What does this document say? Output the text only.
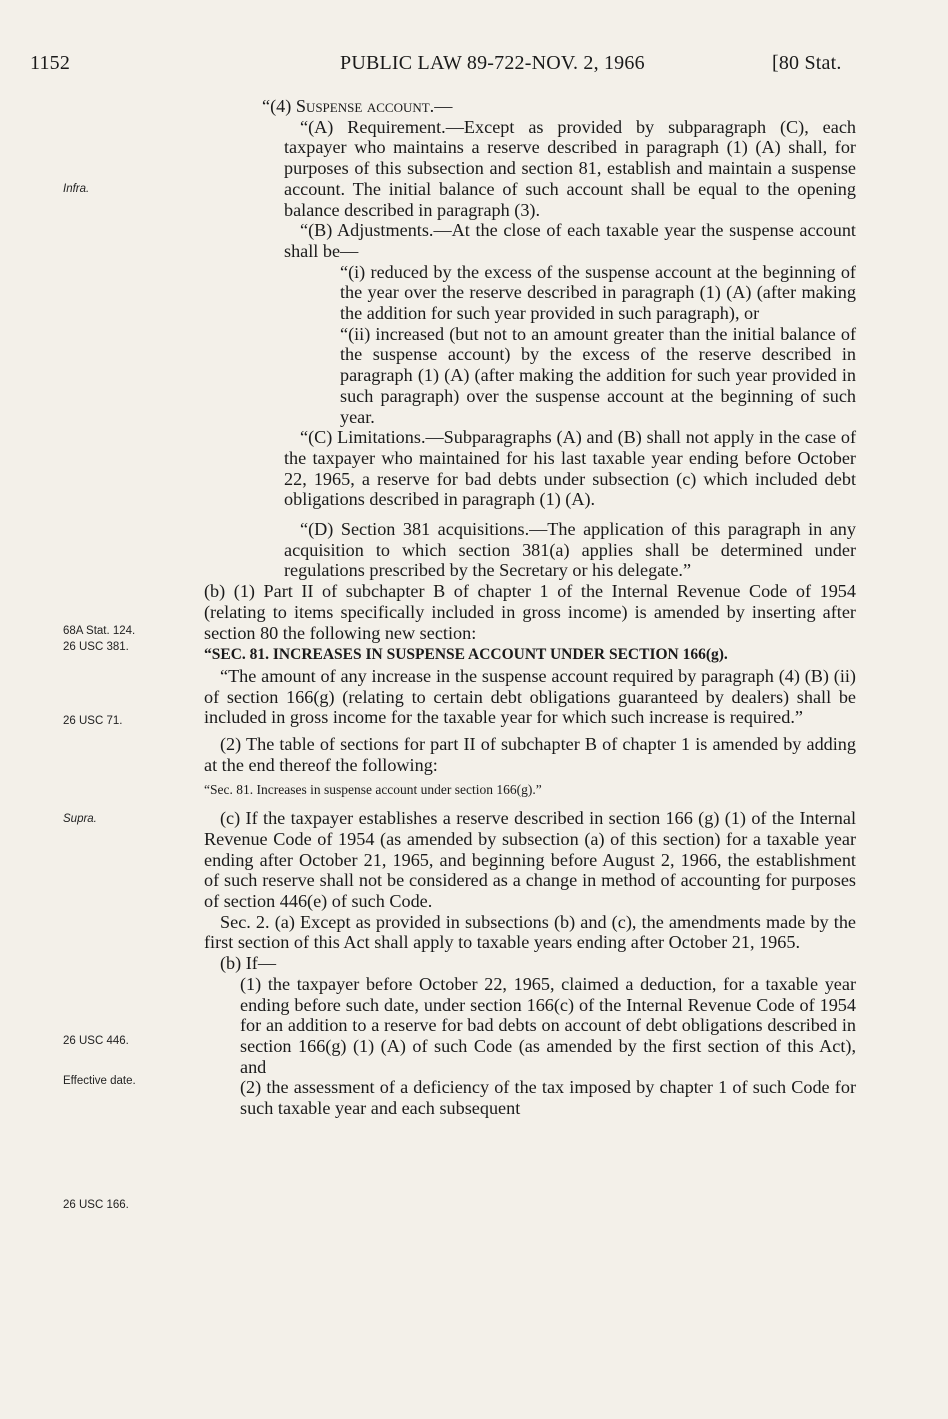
1152	PUBLIC LAW 89-722-NOV. 2, 1966	[80 Stat.
Infra.
68A Stat. 124.
26 USC 381.
26 USC 71.
Supra.
26 USC 446.
Effective date.
26 USC 166.

“(4) Suspense account.—

“(A) Requirement.—Except as provided by subparagraph (C), each taxpayer who maintains a reserve described in paragraph (1) (A) shall, for purposes of this subsection and section 81, establish and maintain a suspense account. The initial balance of such account shall be equal to the opening balance described in paragraph (3).

“(B) Adjustments.—At the close of each taxable year the suspense account shall be—

“(i) reduced by the excess of the suspense account at the beginning of the year over the reserve described in paragraph (1) (A) (after making the addition for such year provided in such paragraph), or

“(ii) increased (but not to an amount greater than the initial balance of the suspense account) by the excess of the reserve described in paragraph (1) (A) (after making the addition for such year provided in such paragraph) over the suspense account at the beginning of such year.

“(C) Limitations.—Subparagraphs (A) and (B) shall not apply in the case of the taxpayer who maintained for his last taxable year ending before October 22, 1965, a reserve for bad debts under subsection (c) which included debt obligations described in paragraph (1) (A).

“(D) Section 381 acquisitions.—The application of this paragraph in any acquisition to which section 381(a) applies shall be determined under regulations prescribed by the Secretary or his delegate.”

(b) (1) Part II of subchapter B of chapter 1 of the Internal Revenue Code of 1954 (relating to items specifically included in gross income) is amended by inserting after section 80 the following new section:

“SEC. 81. INCREASES IN SUSPENSE ACCOUNT UNDER SECTION 166(g).

“The amount of any increase in the suspense account required by paragraph (4) (B) (ii) of section 166(g) (relating to certain debt obligations guaranteed by dealers) shall be included in gross income for the taxable year for which such increase is required.”

(2) The table of sections for part II of subchapter B of chapter 1 is amended by adding at the end thereof the following:

“Sec. 81. Increases in suspense account under section 166(g).”

(c) If the taxpayer establishes a reserve described in section 166 (g) (1) of the Internal Revenue Code of 1954 (as amended by subsection (a) of this section) for a taxable year ending after October 21, 1965, and beginning before August 2, 1966, the establishment of such reserve shall not be considered as a change in method of accounting for purposes of section 446(e) of such Code.

Sec. 2. (a) Except as provided in subsections (b) and (c), the amendments made by the first section of this Act shall apply to taxable years ending after October 21, 1965.

(b) If—

(1) the taxpayer before October 22, 1965, claimed a deduction, for a taxable year ending before such date, under section 166(c) of the Internal Revenue Code of 1954 for an addition to a reserve for bad debts on account of debt obligations described in section 166(g) (1) (A) of such Code (as amended by the first section of this Act), and

(2) the assessment of a deficiency of the tax imposed by chapter 1 of such Code for such taxable year and each subsequent
